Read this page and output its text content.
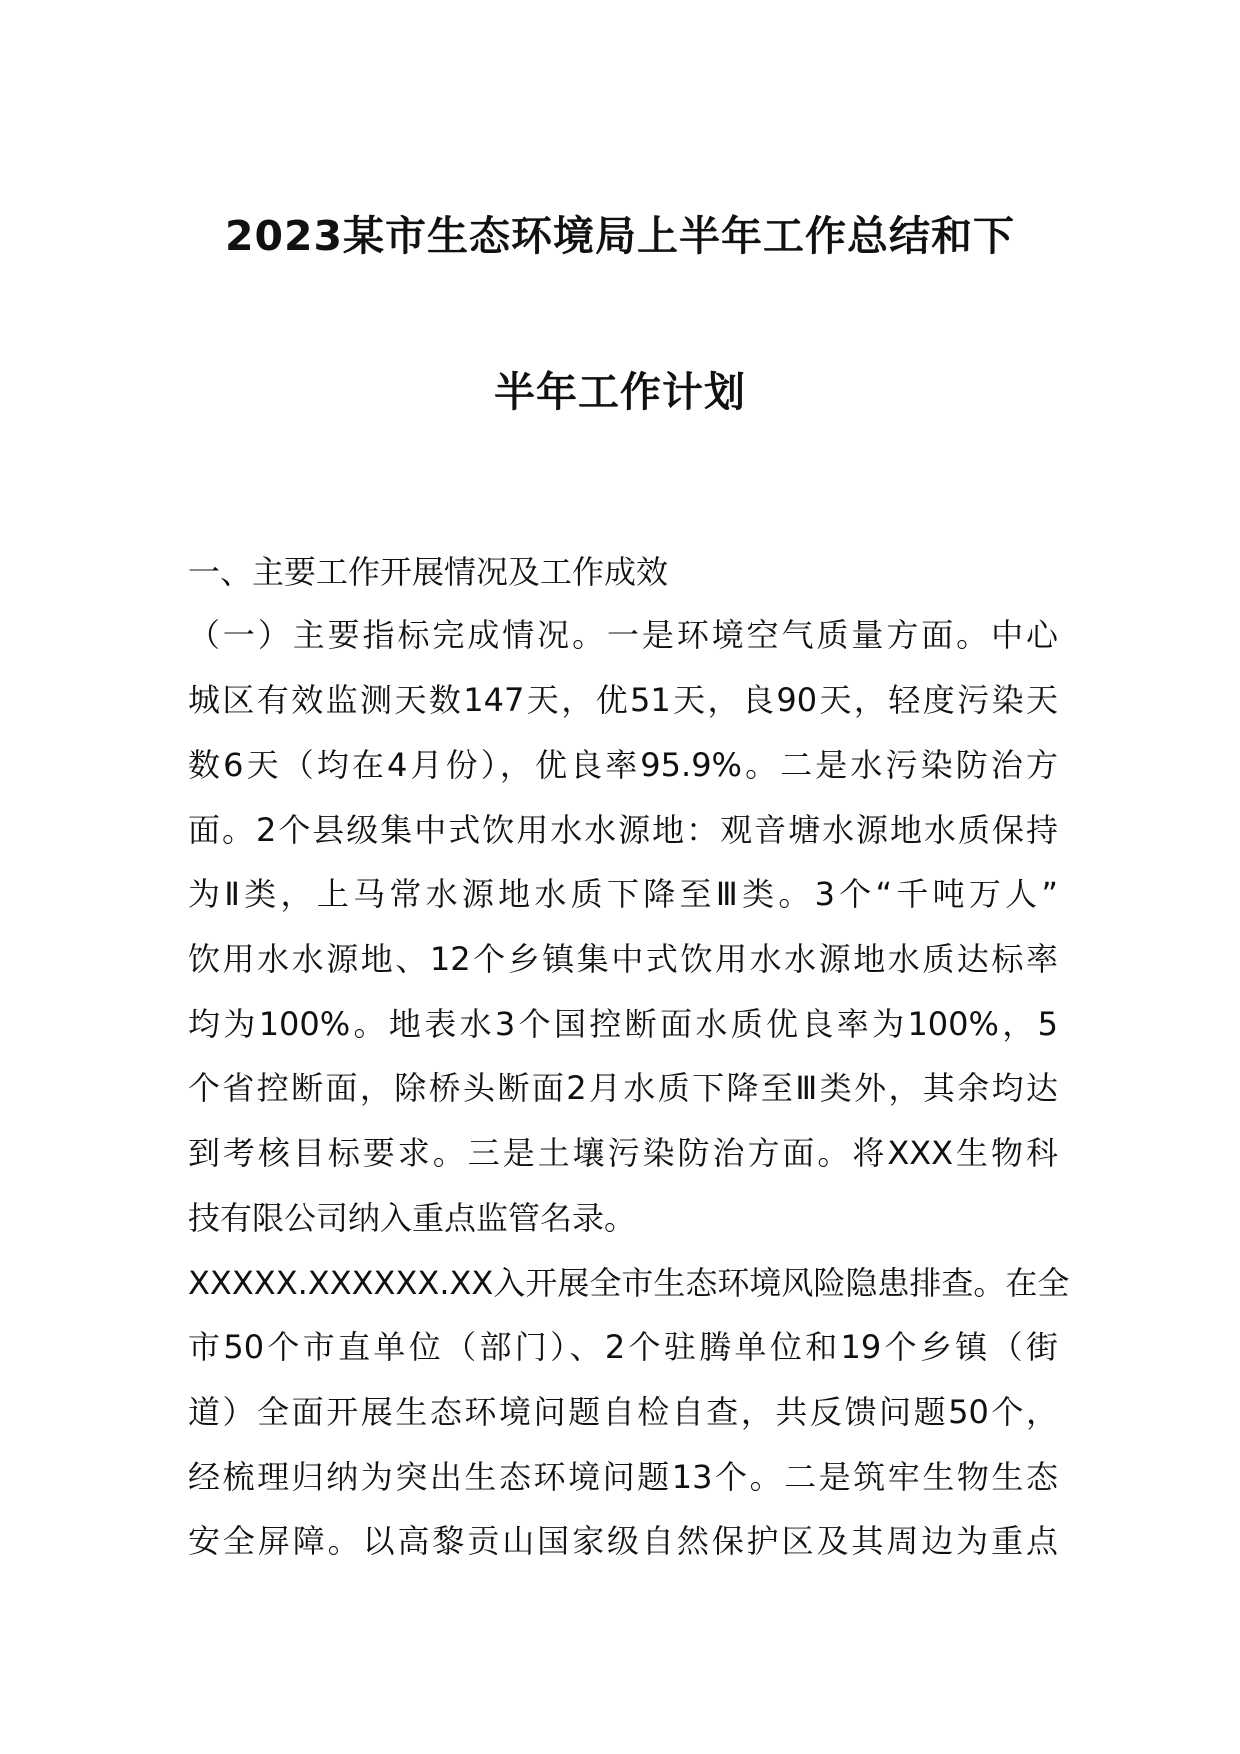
2023某市生态环境局上半年工作总结和下
半年工作计划
一、主要工作开展情况及工作成效
（一）主要指标完成情况。一是环境空气质量方面。中心
城区有效监测天数147天，优51天，良90天，轻度污染天
数6天（均在4月份），优良率95.9%。二是水污染防治方
面。2个县级集中式饮用水水源地：观音塘水源地水质保持
为Ⅱ类，上马常水源地水质下降至Ⅲ类。3个“千吨万人”
饮用水水源地、12个乡镇集中式饮用水水源地水质达标率
均为100%。地表水3个国控断面水质优良率为100%，5
个省控断面，除桥头断面2月水质下降至Ⅲ类外，其余均达
到考核目标要求。三是土壤污染防治方面。将XXX生物科
技有限公司纳入重点监管名录。
XXXXX.XXXXXX.XX入开展全市生态环境风险隐患排查。在全
市50个市直单位（部门）、2个驻腾单位和19个乡镇（街
道）全面开展生态环境问题自检自查，共反馈问题50个，
经梳理归纳为突出生态环境问题13个。二是筑牢生物生态
安全屏障。以高黎贡山国家级自然保护区及其周边为重点
